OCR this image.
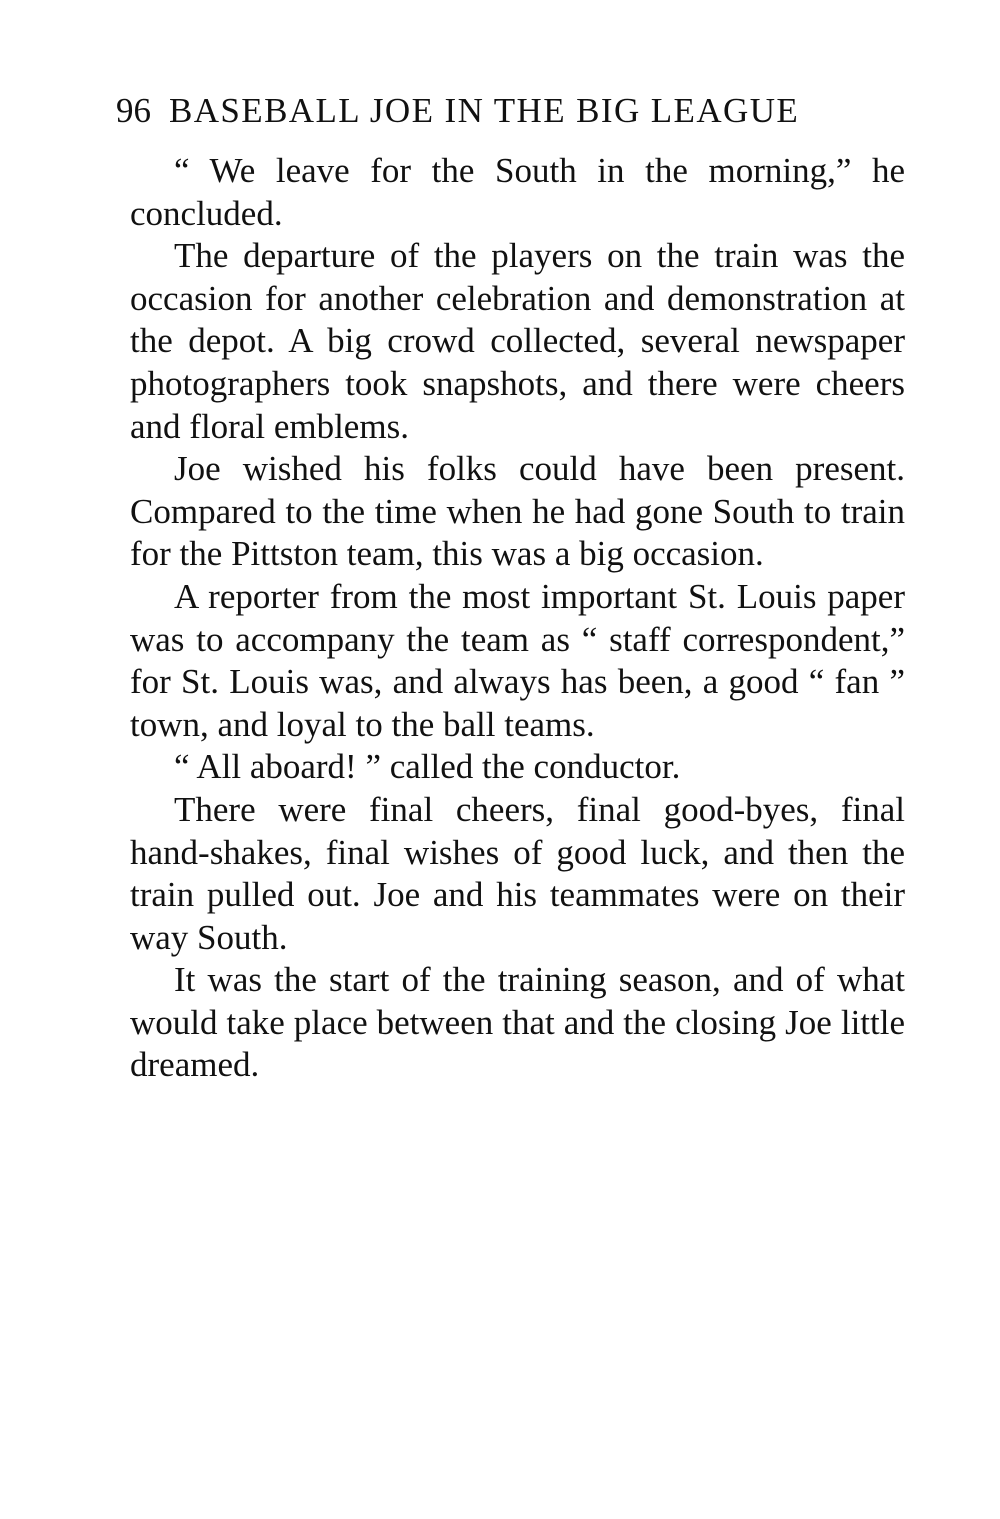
96 BASEBALL JOE IN THE BIG LEAGUE

“ We leave for the South in the morning,” he concluded.

The departure of the players on the train was the occasion for another celebration and demonstration at the depot. A big crowd collected, several newspaper photographers took snapshots, and there were cheers and floral emblems.

Joe wished his folks could have been present. Compared to the time when he had gone South to train for the Pittston team, this was a big occasion.

A reporter from the most important St. Louis paper was to accompany the team as “ staff correspondent,” for St. Louis was, and always has been, a good “ fan ” town, and loyal to the ball teams.

“ All aboard! ” called the conductor.

There were final cheers, final good-byes, final hand-shakes, final wishes of good luck, and then the train pulled out. Joe and his teammates were on their way South.

It was the start of the training season, and of what would take place between that and the closing Joe little dreamed.
